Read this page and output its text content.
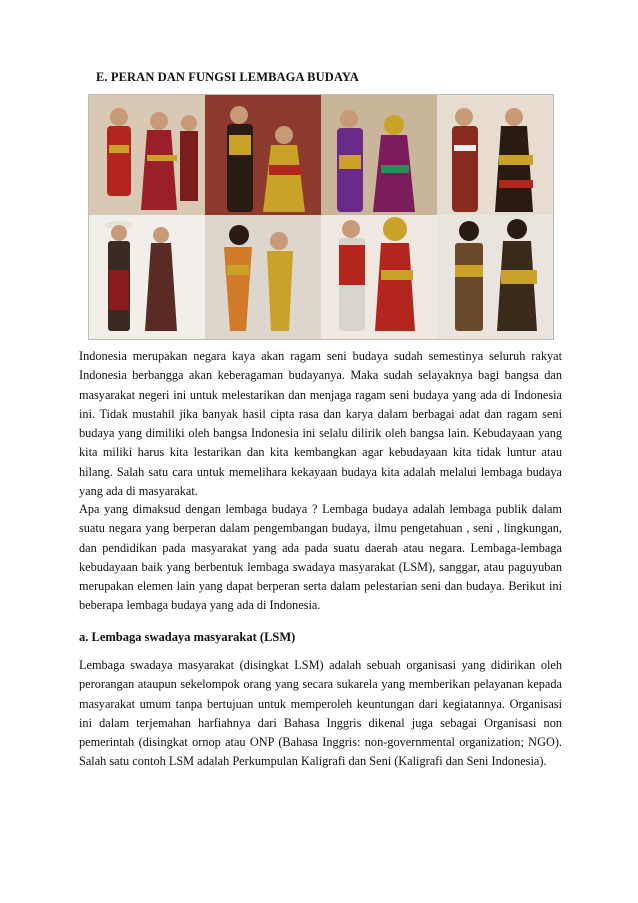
E. PERAN DAN FUNGSI LEMBAGA BUDAYA

Indonesia merupakan negara kaya akan ragam seni budaya sudah semestinya seluruh rakyat Indonesia berbangga akan keberagaman budayanya. Maka sudah selayaknya bagi bangsa dan masyarakat negeri ini untuk melestarikan dan menjaga ragam seni budaya yang ada di Indonesia ini. Tidak mustahil jika banyak hasil cipta rasa dan karya dalam berbagai adat dan ragam seni budaya yang dimiliki oleh bangsa Indonesia ini selalu dilirik oleh bangsa lain. Kebudayaan yang kita miliki harus kita lestarikan dan kita kembangkan agar kebudayaan kita tidak luntur atau hilang. Salah satu cara untuk memelihara kekayaan budaya kita adalah melalui lembaga budaya yang ada di masyarakat.

Apa yang dimaksud dengan lembaga budaya ? Lembaga budaya adalah lembaga publik dalam suatu negara yang berperan dalam pengembangan budaya, ilmu pengetahuan , seni , lingkungan, dan pendidikan pada masyarakat yang ada pada suatu daerah atau negara. Lembaga-lembaga kebudayaan baik yang berbentuk lembaga swadaya masyarakat (LSM), sanggar, atau paguyuban merupakan elemen lain yang dapat berperan serta dalam pelestarian seni dan budaya. Berikut ini beberapa lembaga budaya yang ada di Indonesia.

a. Lembaga swadaya masyarakat (LSM)

Lembaga swadaya masyarakat (disingkat LSM) adalah sebuah organisasi yang didirikan oleh perorangan ataupun sekelompok orang yang secara sukarela yang memberikan pelayanan kepada masyarakat umum tanpa bertujuan untuk memperoleh keuntungan dari kegiatannya. Organisasi ini dalam terjemahan harfiahnya dari Bahasa Inggris dikenal juga sebagai Organisasi non pemerintah (disingkat ornop atau ONP (Bahasa Inggris: non-governmental organization; NGO). Salah satu contoh LSM adalah Perkumpulan Kaligrafi dan Seni (Kaligrafi dan Seni Indonesia).
